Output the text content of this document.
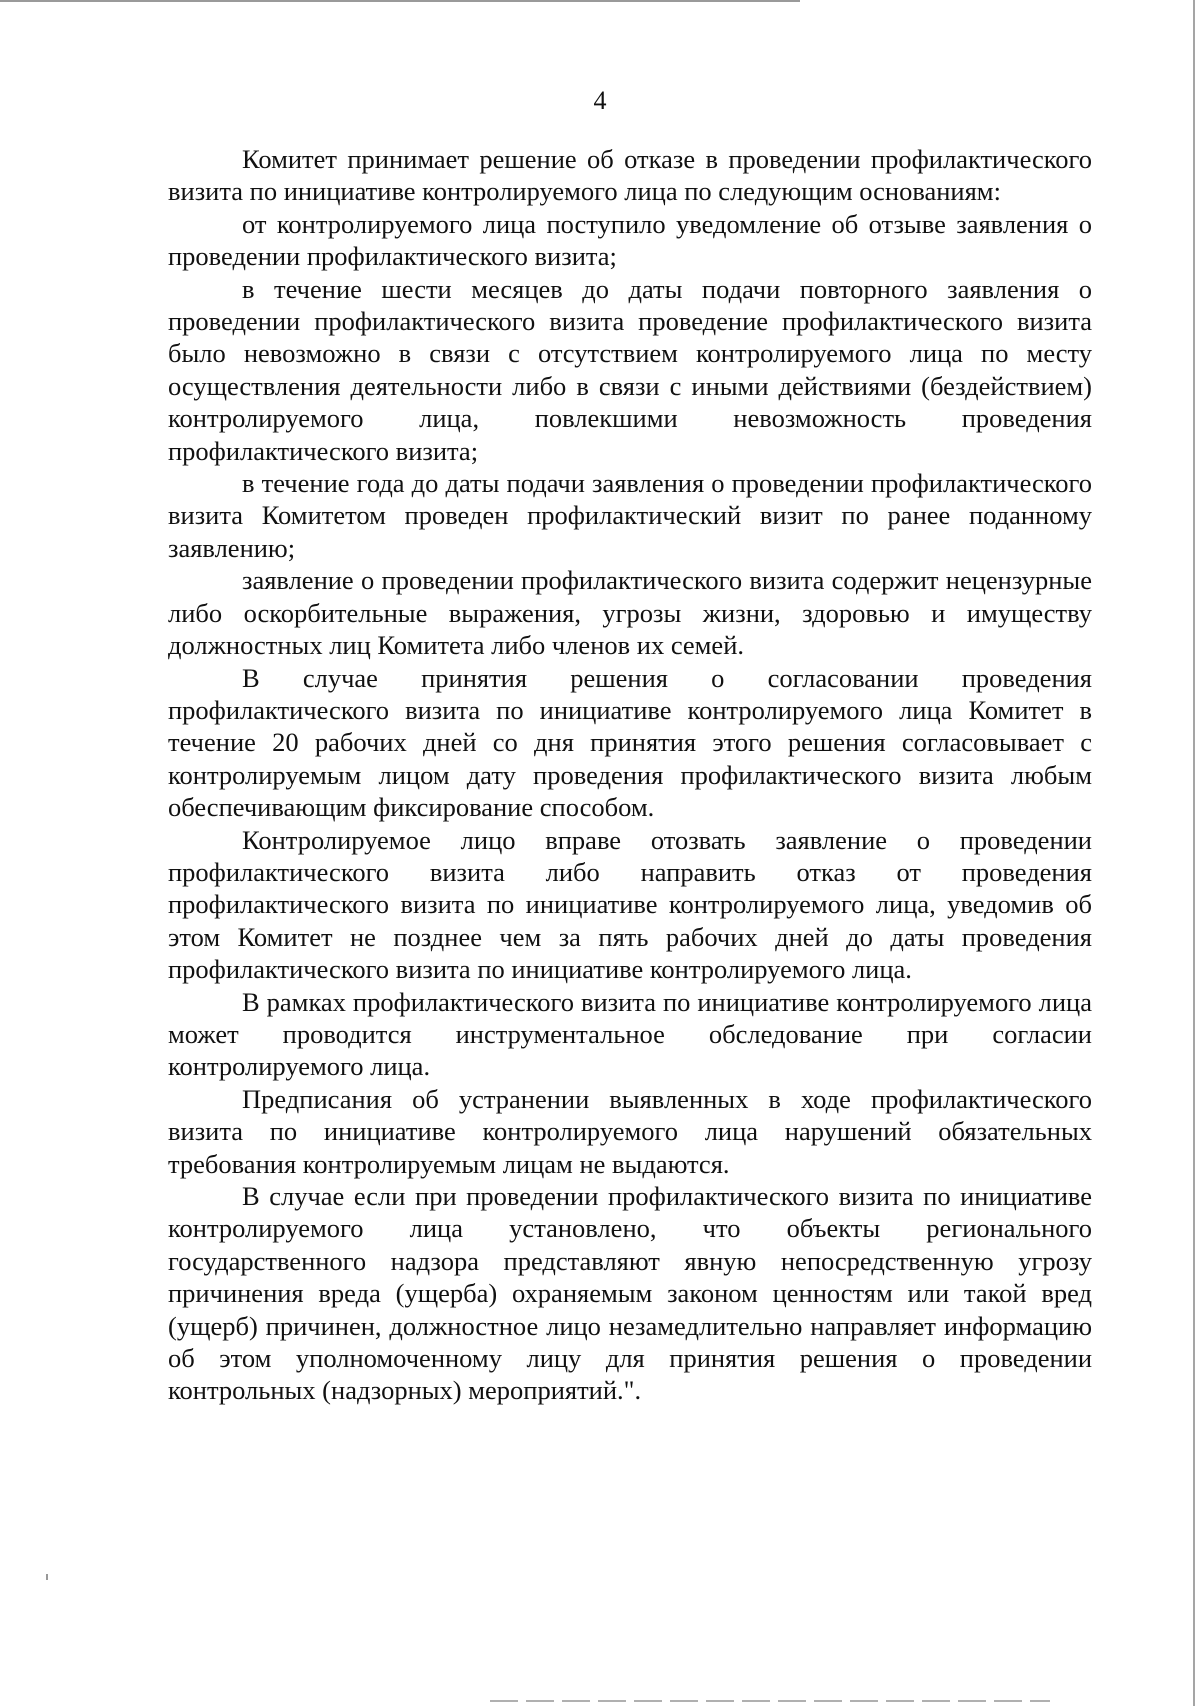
4

Комитет принимает решение об отказе в проведении профилактического визита по инициативе контролируемого лица по следующим основаниям:

от контролируемого лица поступило уведомление об отзыве заявления о проведении профилактического визита;

в течение шести месяцев до даты подачи повторного заявления о проведении профилактического визита проведение профилактического визита было невозможно в связи с отсутствием контролируемого лица по месту осуществления деятельности либо в связи с иными действиями (бездействием) контролируемого лица, повлекшими невозможность проведения профилактического визита;

в течение года до даты подачи заявления о проведении профилактического визита Комитетом проведен профилактический визит по ранее поданному заявлению;

заявление о проведении профилактического визита содержит нецензурные либо оскорбительные выражения, угрозы жизни, здоровью и имуществу должностных лиц Комитета либо членов их семей.

В случае принятия решения о согласовании проведения профилактического визита по инициативе контролируемого лица Комитет в течение 20 рабочих дней со дня принятия этого решения согласовывает с контролируемым лицом дату проведения профилактического визита любым обеспечивающим фиксирование способом.

Контролируемое лицо вправе отозвать заявление о проведении профилактического визита либо направить отказ от проведения профилактического визита по инициативе контролируемого лица, уведомив об этом Комитет не позднее чем за пять рабочих дней до даты проведения профилактического визита по инициативе контролируемого лица.

В рамках профилактического визита по инициативе контролируемого лица может проводится инструментальное обследование при согласии контролируемого лица.

Предписания об устранении выявленных в ходе профилактического визита по инициативе контролируемого лица нарушений обязательных требования контролируемым лицам не выдаются.

В случае если при проведении профилактического визита по инициативе контролируемого лица установлено, что объекты регионального государственного надзора представляют явную непосредственную угрозу причинения вреда (ущерба) охраняемым законом ценностям или такой вред (ущерб) причинен, должностное лицо незамедлительно направляет информацию об этом уполномоченному лицу для принятия решения о проведении контрольных (надзорных) мероприятий.".
